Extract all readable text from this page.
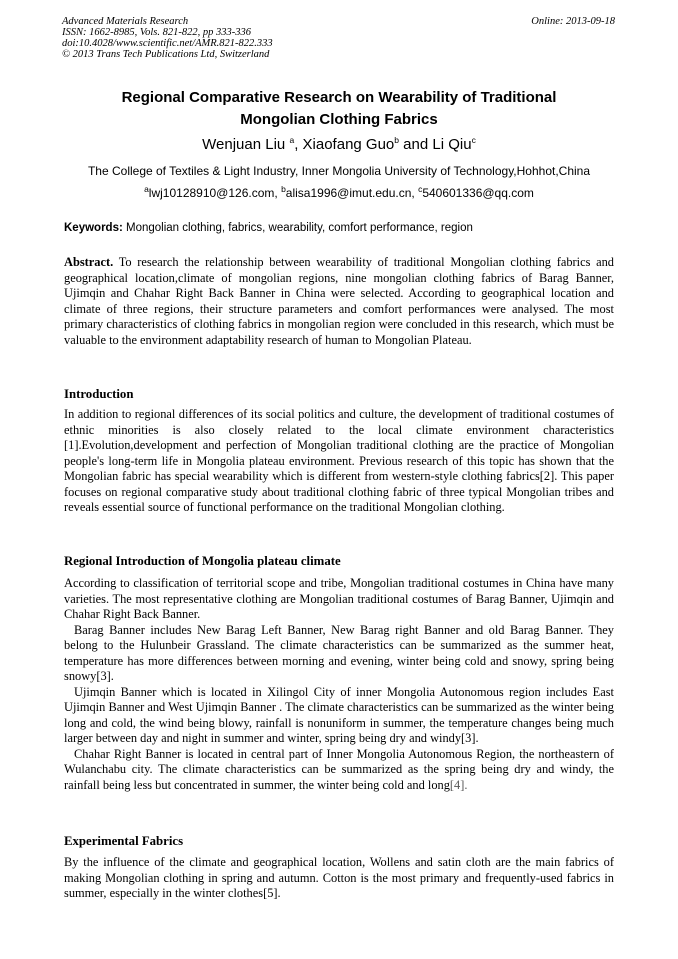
Advanced Materials Research
ISSN: 1662-8985, Vols. 821-822, pp 333-336
doi:10.4028/www.scientific.net/AMR.821-822.333
© 2013 Trans Tech Publications Ltd, Switzerland
Online: 2013-09-18
Regional Comparative Research on Wearability of Traditional
Mongolian Clothing Fabrics
Wenjuan Liu $^a$, Xiaofang Guo$^b$ and Li Qiu$^c$
The College of Textiles & Light Industry, Inner Mongolia University of Technology,Hohhot,China
$^a$lwj10128910@126.com, $^b$alisa1996@imut.edu.cn, $^c$540601336@qq.com
Keywords: Mongolian clothing, fabrics, wearability, comfort performance, region

Abstract. To research the relationship between wearability of traditional Mongolian clothing fabrics and geographical location,climate of mongolian regions, nine mongolian clothing fabrics of Barag Banner, Ujimqin and Chahar Right Back Banner in China were selected. According to geographical location and climate of three regions, their structure parameters and comfort performances were analysed. The most primary characteristics of clothing fabrics in mongolian region were concluded in this research, which must be valuable to the environment adaptability research of human to Mongolian Plateau.

Introduction

In addition to regional differences of its social politics and culture, the development of traditional costumes of ethnic minorities is also closely related to the local climate environment characteristics [1].Evolution,development and perfection of Mongolian traditional clothing are the practice of Mongolian people's long-term life in Mongolia plateau environment. Previous research of this topic has shown that the Mongolian fabric has special wearability which is different from western-style clothing fabrics[2]. This paper focuses on regional comparative study about traditional clothing fabric of three typical Mongolian tribes and reveals essential source of functional performance on the traditional Mongolian clothing.

Regional Introduction of Mongolia plateau climate

According to classification of territorial scope and tribe, Mongolian traditional costumes in China have many varieties. The most representative clothing are Mongolian traditional costumes of Barag Banner, Ujimqin and Chahar Right Back Banner.

Barag Banner includes New Barag Left Banner, New Barag right Banner and old Barag Banner. They belong to the Hulunbeir Grassland. The climate characteristics can be summarized as the summer heat, temperature has more differences between morning and evening, winter being cold and snowy, spring being snowy[3].

Ujimqin Banner which is located in Xilingol City of inner Mongolia Autonomous region includes East Ujimqin Banner and West Ujimqin Banner . The climate characteristics can be summarized as the winter being long and cold, the wind being blowy, rainfall is nonuniform in summer, the temperature changes being much larger between day and night in summer and winter, spring being dry and windy[3].

Chahar Right Banner is located in central part of Inner Mongolia Autonomous Region, the northeastern of Wulanchabu city. The climate characteristics can be summarized as the spring being dry and windy, the rainfall being less but concentrated in summer, the winter being cold and long[4].

Experimental Fabrics

By the influence of the climate and geographical location, Wollens and satin cloth are the main fabrics of making Mongolian clothing in spring and autumn. Cotton is the most primary and frequently-used fabrics in summer, especially in the winter clothes[5].
